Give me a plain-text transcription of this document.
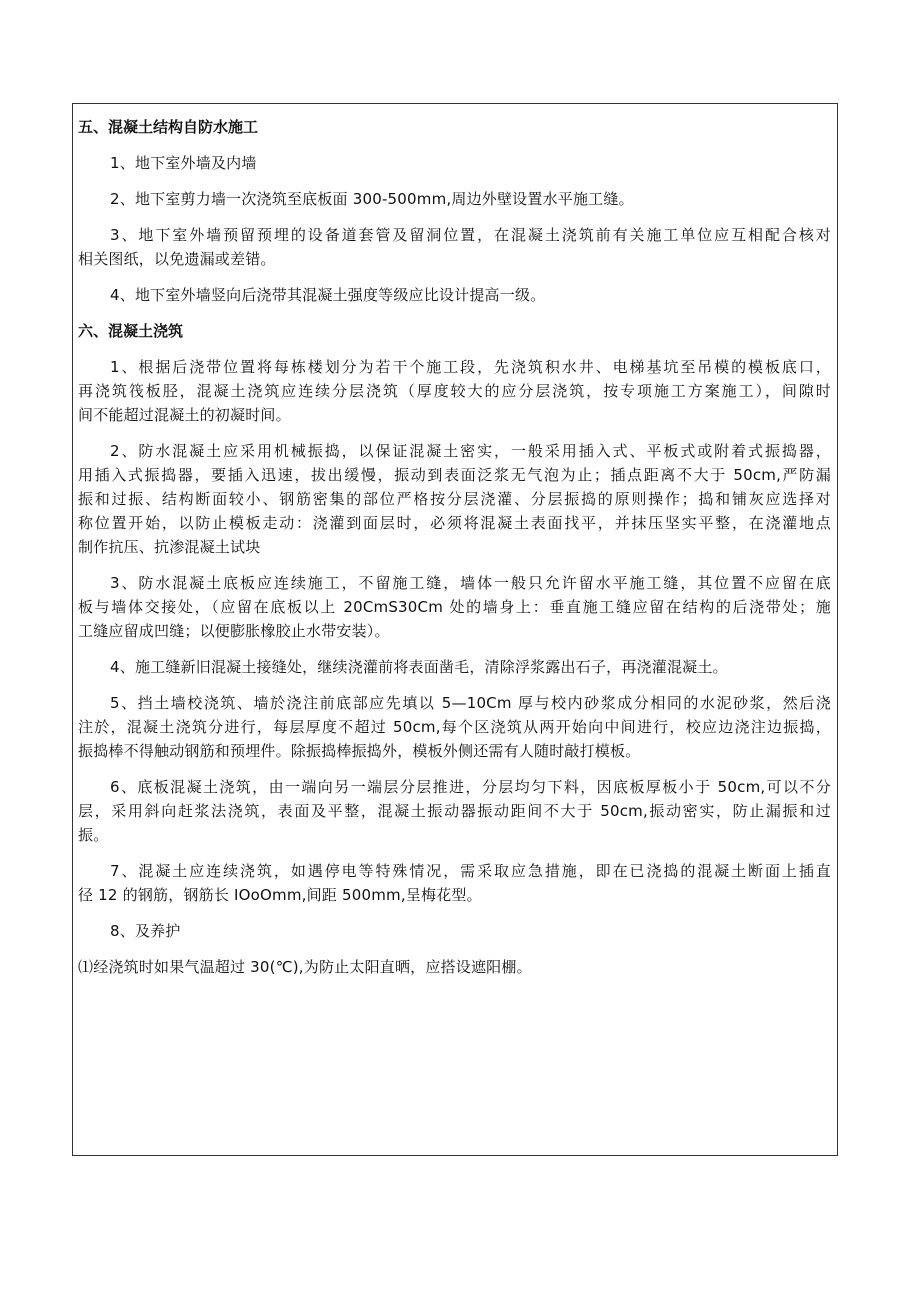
五、混凝土结构自防水施工
1、地下室外墙及内墙
2、地下室剪力墙一次浇筑至底板面 300-500mm,周边外壁设置水平施工缝。
3、地下室外墙预留预埋的设备道套管及留洞位置，在混凝土浇筑前有关施工单位应互相配合核对
相关图纸，以免遗漏或差错。
4、地下室外墙竖向后浇带其混凝土强度等级应比设计提高一级。
六、混凝土浇筑
1、根据后浇带位置将每栋楼划分为若干个施工段，先浇筑积水井、电梯基坑至吊模的模板底口，
再浇筑筏板胫，混凝土浇筑应连续分层浇筑（厚度较大的应分层浇筑，按专项施工方案施工），间隙时
间不能超过混凝土的初凝时间。
2、防水混凝土应采用机械振捣，以保证混凝土密实，一般采用插入式、平板式或附着式振捣器，
用插入式振捣器，要插入迅速，拔出缓慢，振动到表面泛浆无气泡为止；插点距离不大于 50cm,严防漏
振和过振、结构断面较小、钢筋密集的部位严格按分层浇灌、分层振捣的原则操作；捣和铺灰应选择对
称位置开始，以防止模板走动：浇灌到面层时，必须将混凝土表面找平，并抹压坚实平整，在浇灌地点
制作抗压、抗渗混凝土试块
3、防水混凝土底板应连续施工，不留施工缝，墙体一般只允许留水平施工缝，其位置不应留在底
板与墙体交接处，（应留在底板以上 20CmS30Cm 处的墙身上：垂直施工缝应留在结构的后浇带处；施
工缝应留成凹缝；以便膨胀橡胶止水带安装）。
4、施工缝新旧混凝土接缝处，继续浇灌前将表面凿毛，清除浮浆露出石子，再浇灌混凝土。
5、挡土墙校浇筑、墙於浇注前底部应先填以 5—10Cm 厚与校内砂浆成分相同的水泥砂浆，然后浇
注於，混凝土浇筑分进行，每层厚度不超过 50cm,每个区浇筑从两开始向中间进行，校应边浇注边振捣，
振捣棒不得触动钢筋和预埋件。除振捣棒振捣外，模板外侧还需有人随时敲打模板。
6、底板混凝土浇筑，由一端向另一端层分层推进，分层均匀下料，因底板厚板小于 50cm,可以不分
层，采用斜向赶浆法浇筑，表面及平整，混凝土振动器振动距间不大于 50cm,振动密实，防止漏振和过
振。
7、混凝土应连续浇筑，如遇停电等特殊情况，需采取应急措施，即在已浇捣的混凝土断面上插直
径 12 的钢筋，钢筋长 IOoOmm,间距 500mm,呈梅花型。
8、及养护
⑴经浇筑时如果气温超过 30(℃),为防止太阳直晒，应搭设遮阳棚。
